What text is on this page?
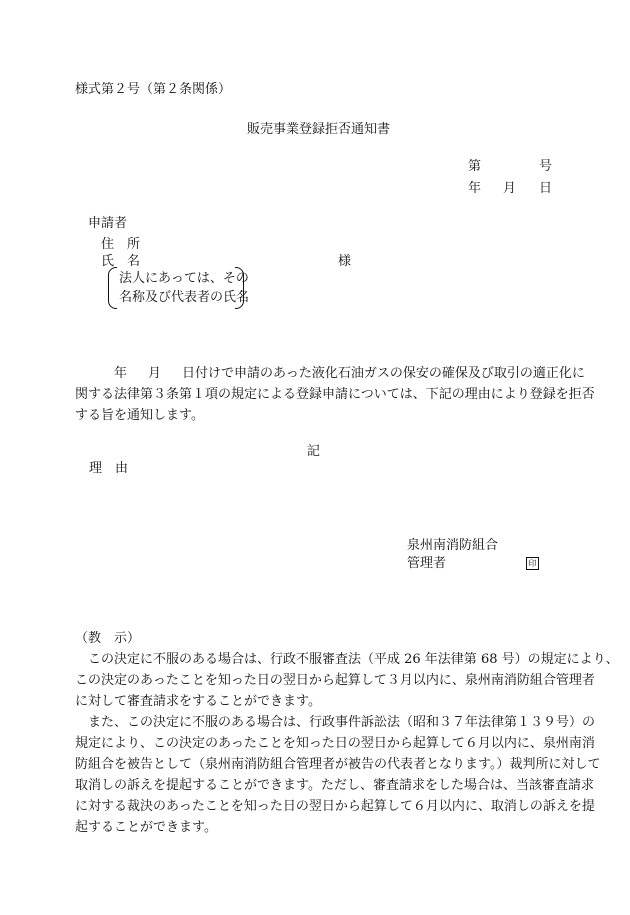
様式第２号（第２条関係）
販売事業登録拒否通知書
第	号
年 月 日
申請者
住　所
氏　名	様
法人にあっては、その
名称及び代表者の氏名
年 月 日付けで申請のあった液化石油ガスの保安の確保及び取引の適正化に
関する法律第３条第１項の規定による登録申請については、下記の理由により登録を拒否
する旨を通知します。
記
理　由
泉州南消防組合
管理者	印
（教　示）
この決定に不服のある場合は、行政不服審査法（平成 26 年法律第 68 号）の規定により、
この決定のあったことを知った日の翌日から起算して３月以内に、泉州南消防組合管理者
に対して審査請求をすることができます。
また、この決定に不服のある場合は、行政事件訴訟法（昭和３７年法律第１３９号）の
規定により、この決定のあったことを知った日の翌日から起算して６月以内に、泉州南消
防組合を被告として（泉州南消防組合管理者が被告の代表者となります。）裁判所に対して
取消しの訴えを提起することができます。ただし、審査請求をした場合は、当該審査請求
に対する裁決のあったことを知った日の翌日から起算して６月以内に、取消しの訴えを提
起することができます。
